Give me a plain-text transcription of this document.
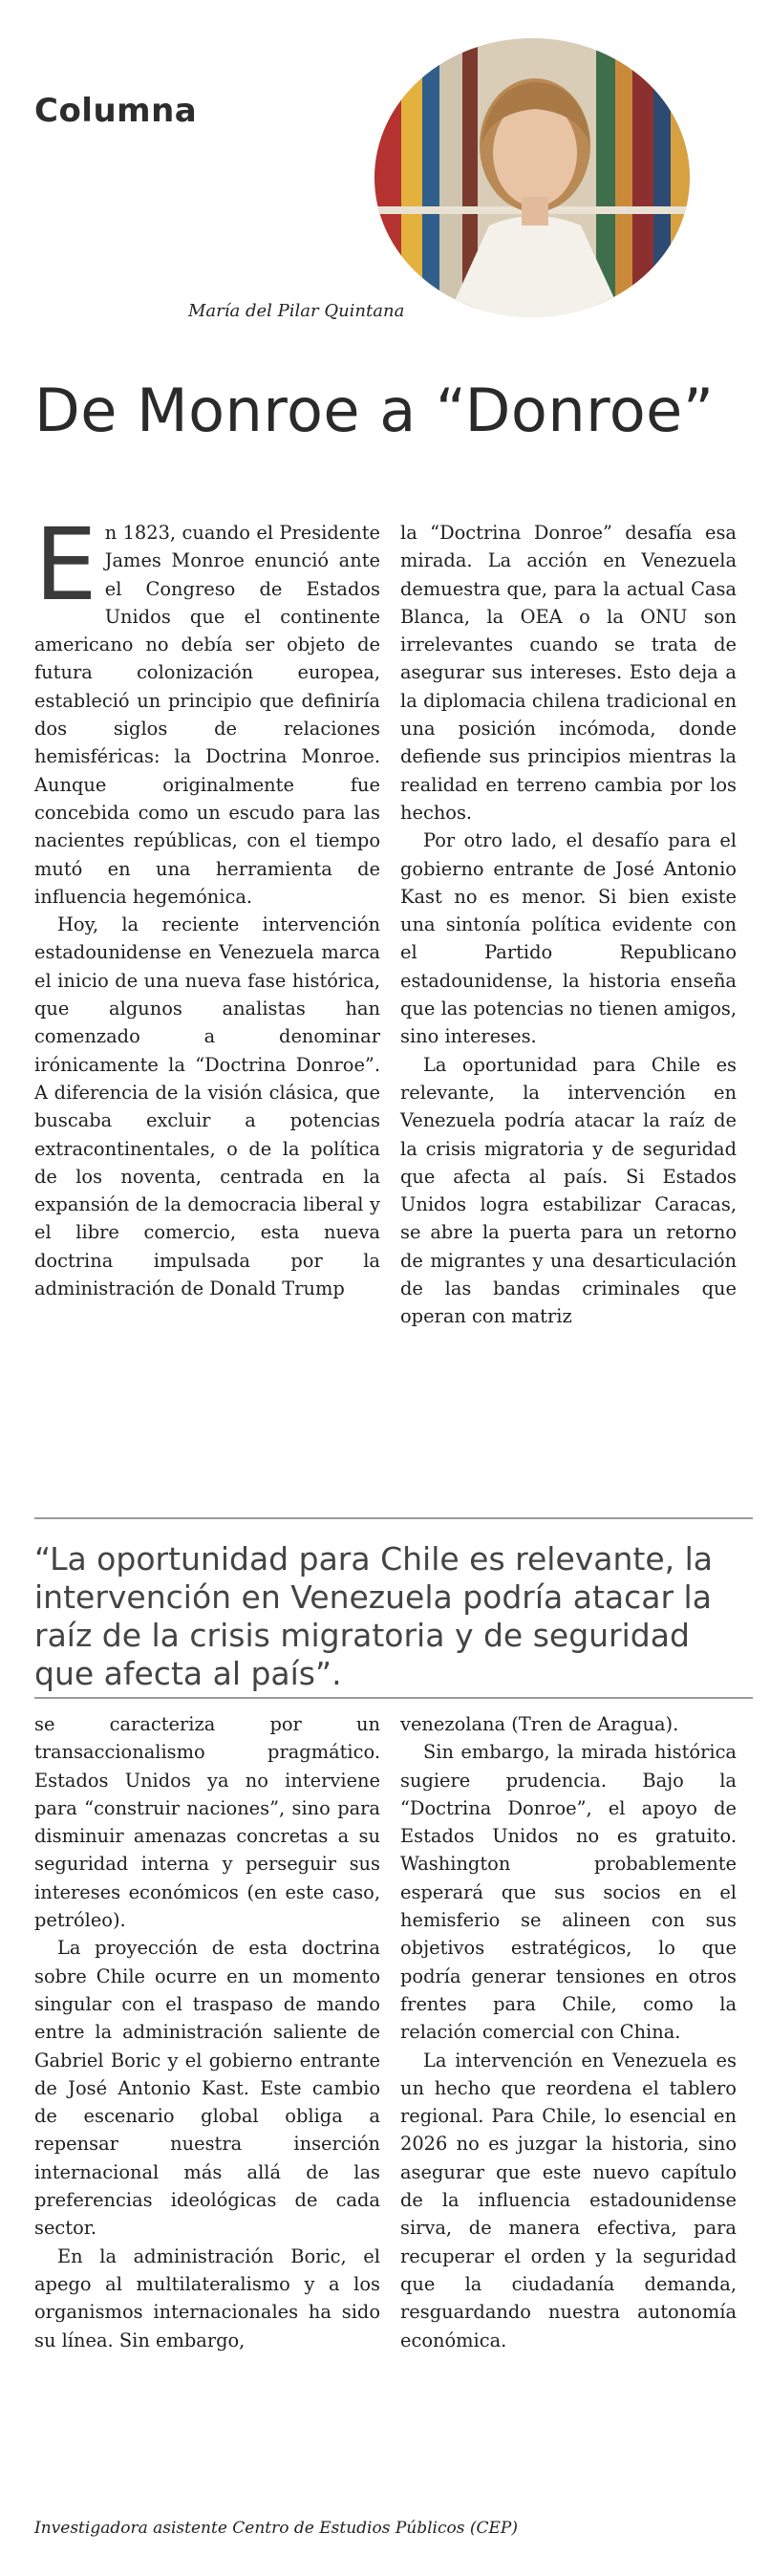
Columna
María del Pilar Quintana
De Monroe a “Donroe”
E n 1823, cuando el Presidente James Monroe enunció ante el Congreso de Estados Unidos que el continente americano no debía ser objeto de futura colonización europea, estableció un principio que definiría dos siglos de relaciones hemisféricas: la Doctrina Monroe. Aunque originalmente fue concebida como un escudo para las nacientes repúblicas, con el tiempo mutó en una herramienta de influencia hegemónica.

Hoy, la reciente intervención estadounidense en Venezuela marca el inicio de una nueva fase histórica, que algunos analistas han comenzado a denominar irónicamente la “Doctrina Donroe”. A diferencia de la visión clásica, que buscaba excluir a potencias extracontinentales, o de la política de los noventa, centrada en la expansión de la democracia liberal y el libre comercio, esta nueva doctrina impulsada por la administración de Donald Trump

la “Doctrina Donroe” desafía esa mirada. La acción en Venezuela demuestra que, para la actual Casa Blanca, la OEA o la ONU son irrelevantes cuando se trata de asegurar sus intereses. Esto deja a la diplomacia chilena tradicional en una posición incómoda, donde defiende sus principios mientras la realidad en terreno cambia por los hechos.

Por otro lado, el desafío para el gobierno entrante de José Antonio Kast no es menor. Si bien existe una sintonía política evidente con el Partido Republicano estadounidense, la historia enseña que las potencias no tienen amigos, sino intereses.

La oportunidad para Chile es relevante, la intervención en Venezuela podría atacar la raíz de la crisis migratoria y de seguridad que afecta al país. Si Estados Unidos logra estabilizar Caracas, se abre la puerta para un retorno de migrantes y una desarticulación de las bandas criminales que operan con matriz

“La oportunidad para Chile es relevante, la intervención en Venezuela podría atacar la raíz de la crisis migratoria y de seguridad que afecta al país”.

se caracteriza por un transaccionalismo pragmático. Estados Unidos ya no interviene para “construir naciones”, sino para disminuir amenazas concretas a su seguridad interna y perseguir sus intereses económicos (en este caso, petróleo).

La proyección de esta doctrina sobre Chile ocurre en un momento singular con el traspaso de mando entre la administración saliente de Gabriel Boric y el gobierno entrante de José Antonio Kast. Este cambio de escenario global obliga a repensar nuestra inserción internacional más allá de las preferencias ideológicas de cada sector.

En la administración Boric, el apego al multilateralismo y a los organismos internacionales ha sido su línea. Sin embargo,

venezolana (Tren de Aragua).

Sin embargo, la mirada histórica sugiere prudencia. Bajo la “Doctrina Donroe”, el apoyo de Estados Unidos no es gratuito. Washington probablemente esperará que sus socios en el hemisferio se alineen con sus objetivos estratégicos, lo que podría generar tensiones en otros frentes para Chile, como la relación comercial con China.

La intervención en Venezuela es un hecho que reordena el tablero regional. Para Chile, lo esencial en 2026 no es juzgar la historia, sino asegurar que este nuevo capítulo de la influencia estadounidense sirva, de manera efectiva, para recuperar el orden y la seguridad que la ciudadanía demanda, resguardando nuestra autonomía económica.

Investigadora asistente Centro de Estudios Públicos (CEP)
